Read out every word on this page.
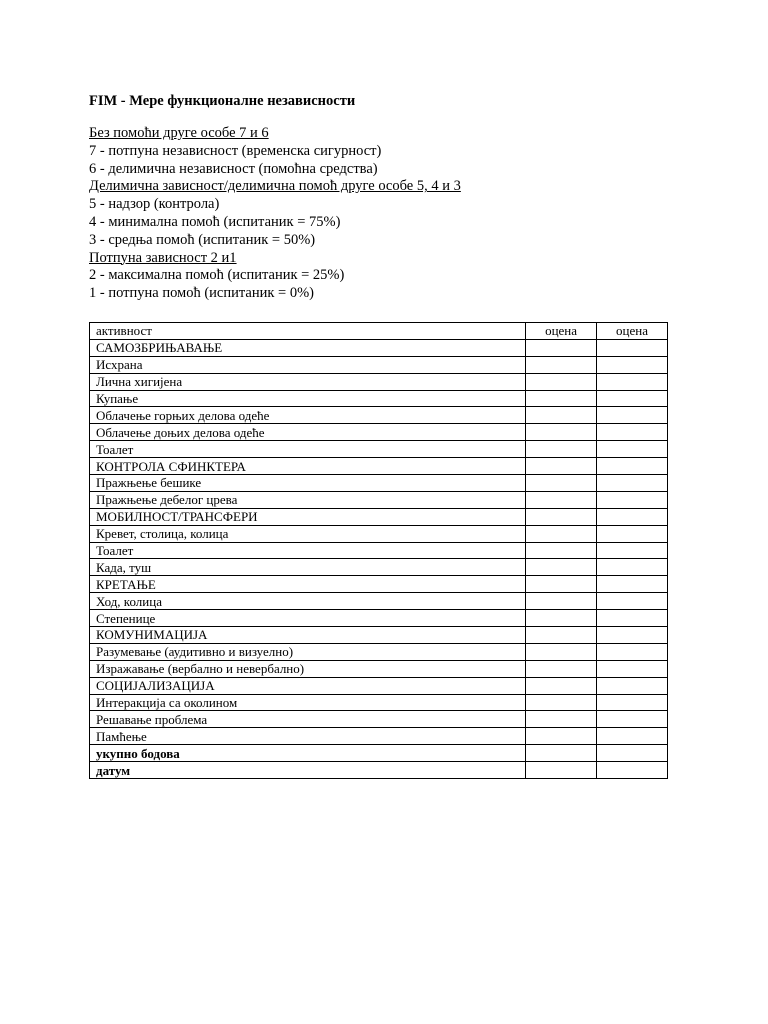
FIM - Мере функционалне независности
Без помоћи друге особе 7 и 6
7 - потпуна независност (временска сигурност)
6 - делимична независност (помоћна средства)
Делимична зависност/делимична помоћ друге особе 5, 4 и 3
5 - надзор (контрола)
4 - минимална помоћ (испитаник = 75%)
3 - средња помоћ (испитаник = 50%)
Потпуна зависност 2 и1
2 - максимална помоћ (испитаник = 25%)
1 - потпуна помоћ (испитаник = 0%)
активност	оцена	оцена
САМОЗБРИЊАВАЊЕ		
Исхрана		
Лична хигијена		
Купање		
Облачење горњих делова одеће		
Облачење доњих делова одеће		
Тоалет		
КОНТРОЛА СФИНКТЕРА		
Пражњење бешике		
Пражњење дебелог црева		
МОБИЛНОСТ/ТРАНСФЕРИ		
Кревет, столица, колица		
Тоалет		
Када, туш		
КРЕТАЊЕ		
Ход, колица		
Степенице		
КОМУНИМАЦИЈА		
Разумевање (аудитивно и визуелно)		
Изражавање (вербално и невербално)		
СОЦИЈАЛИЗАЦИЈА		
Интеракција са околином		
Решавање проблема		
Памћење		
укупно бодова		
датум		
